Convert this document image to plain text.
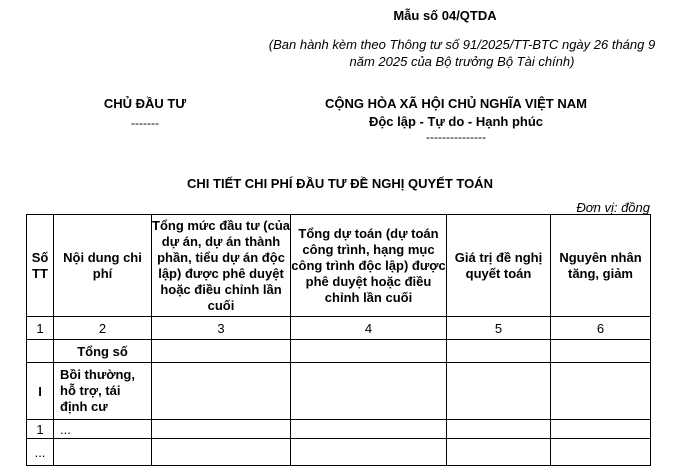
Mẫu số 04/QTDA
(Ban hành kèm theo Thông tư số 91/2025/TT-BTC ngày 26 tháng 9 năm 2025 của Bộ trưởng Bộ Tài chính)
CHỦ ĐẦU TƯ
-------
CỘNG HÒA XÃ HỘI CHỦ NGHĨA VIỆT NAM
Độc lập - Tự do - Hạnh phúc
---------------
CHI TIẾT CHI PHÍ ĐẦU TƯ ĐỀ NGHỊ QUYẾT TOÁN
Đơn vị: đồng
Số TT	Nội dung chi phí	Tổng mức đầu tư (của dự án, dự án thành phần, tiểu dự án độc lập) được phê duyệt hoặc điều chỉnh lần cuối	Tổng dự toán (dự toán công trình, hạng mục công trình độc lập) được phê duyệt hoặc điều chỉnh lần cuối	Giá trị đề nghị quyết toán	Nguyên nhân tăng, giảm
1	2	3	4	5	6
	Tổng số				
I	Bồi thường, hỗ trợ, tái định cư				
1	...				
...					
